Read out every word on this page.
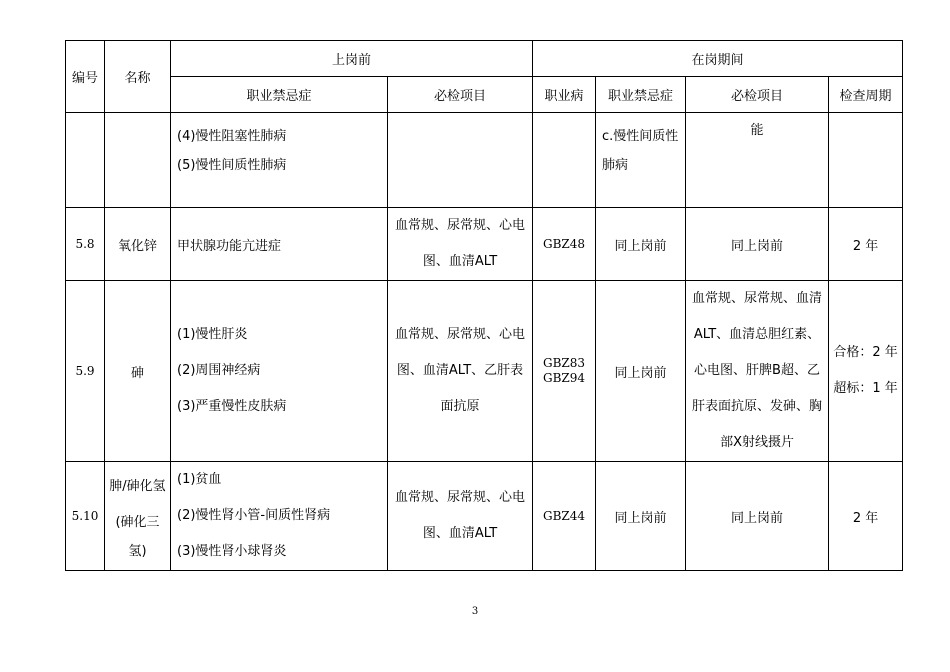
编号	名称	上岗前		在岗期间			
		职业禁忌症	必检项目	职业病	职业禁忌症	必检项目	检查周期

		(4)慢性阻塞性肺病
(5)慢性间质性肺病			c.慢性间质性
肺病	能	

5.8	氧化锌	甲状腺功能亢进症	血常规、尿常规、心电
图、血清ALT	GBZ48	同上岗前	同上岗前	2 年

5.9	砷	(1)慢性肝炎
(2)周围神经病
(3)严重慢性皮肤病	血常规、尿常规、心电
图、血清ALT、乙肝表
面抗原	GBZ83
GBZ94	同上岗前	血常规、尿常规、血清
ALT、血清总胆红素、
心电图、肝脾B超、乙
肝表面抗原、发砷、胸
部X射线摄片	合格：2 年
超标：1 年

5.10	胂/砷化氢
(砷化三
氢)	(1)贫血
(2)慢性肾小管-间质性肾病
(3)慢性肾小球肾炎	血常规、尿常规、心电
图、血清ALT	GBZ44	同上岗前	同上岗前	2 年
3
